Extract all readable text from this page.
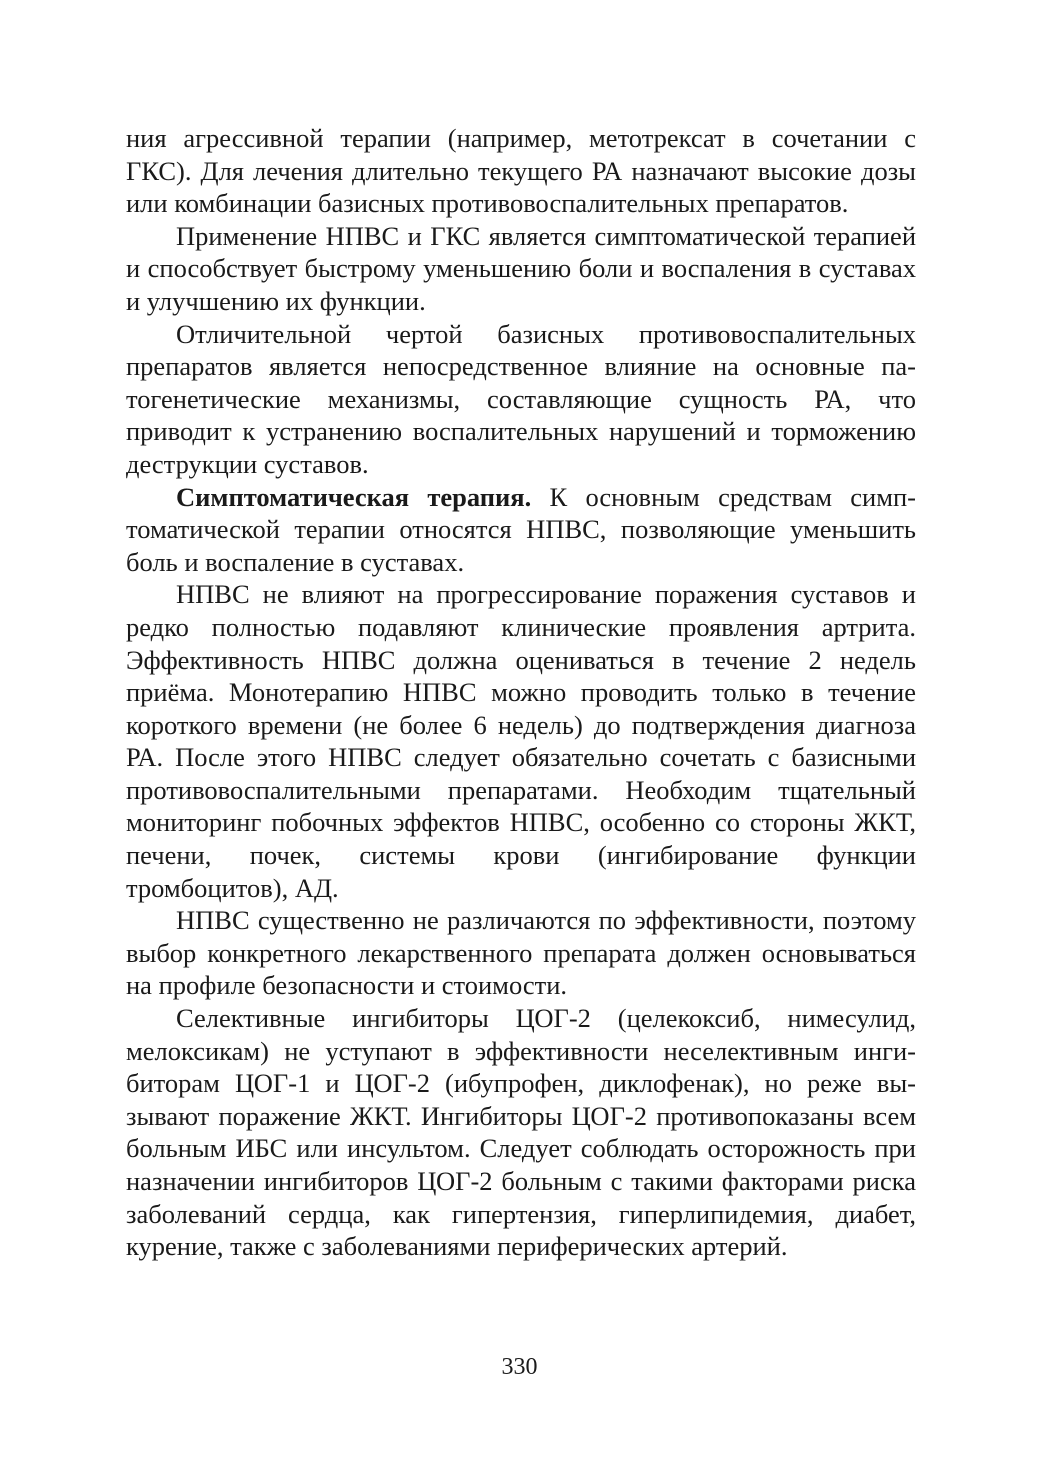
ния агрессивной терапии (например, метотрексат в сочетании с ГКС). Для лечения длительно текущего РА назначают высокие дозы или комбинации базисных противовоспалительных препаратов.

Применение НПВС и ГКС является симптоматической терапией и способствует быстрому уменьшению боли и воспаления в суставах и улучшению их функции.

Отличительной чертой базисных противовоспалительных препаратов является непосредственное влияние на основные патогенетические механизмы, составляющие сущность РА, что приводит к устранению воспалительных нарушений и торможению деструкции суставов.

Симптоматическая терапия. К основным средствам симптоматической терапии относятся НПВС, позволяющие уменьшить боль и воспаление в суставах.

НПВС не влияют на прогрессирование поражения суставов и редко полностью подавляют клинические проявления артрита. Эффективность НПВС должна оцениваться в течение 2 недель приёма. Монотерапию НПВС можно проводить только в течение короткого времени (не более 6 недель) до подтверждения диагноза РА. После этого НПВС следует обязательно сочетать с базисными противовоспалительными препаратами. Необходим тщательный мониторинг побочных эффектов НПВС, особенно со стороны ЖКТ, печени, почек, системы крови (ингибирование функции тромбоцитов), АД.

НПВС существенно не различаются по эффективности, поэтому выбор конкретного лекарственного препарата должен основываться на профиле безопасности и стоимости.

Селективные ингибиторы ЦОГ-2 (целекоксиб, нимесулид, мелоксикам) не уступают в эффективности неселективным ингибиторам ЦОГ-1 и ЦОГ-2 (ибупрофен, диклофенак), но реже вызывают поражение ЖКТ. Ингибиторы ЦОГ-2 противопоказаны всем больным ИБС или инсультом. Следует соблюдать осторожность при назначении ингибиторов ЦОГ-2 больным с такими факторами риска заболеваний сердца, как гипертензия, гиперлипидемия, диабет, курение, также с заболеваниями периферических артерий.

330
